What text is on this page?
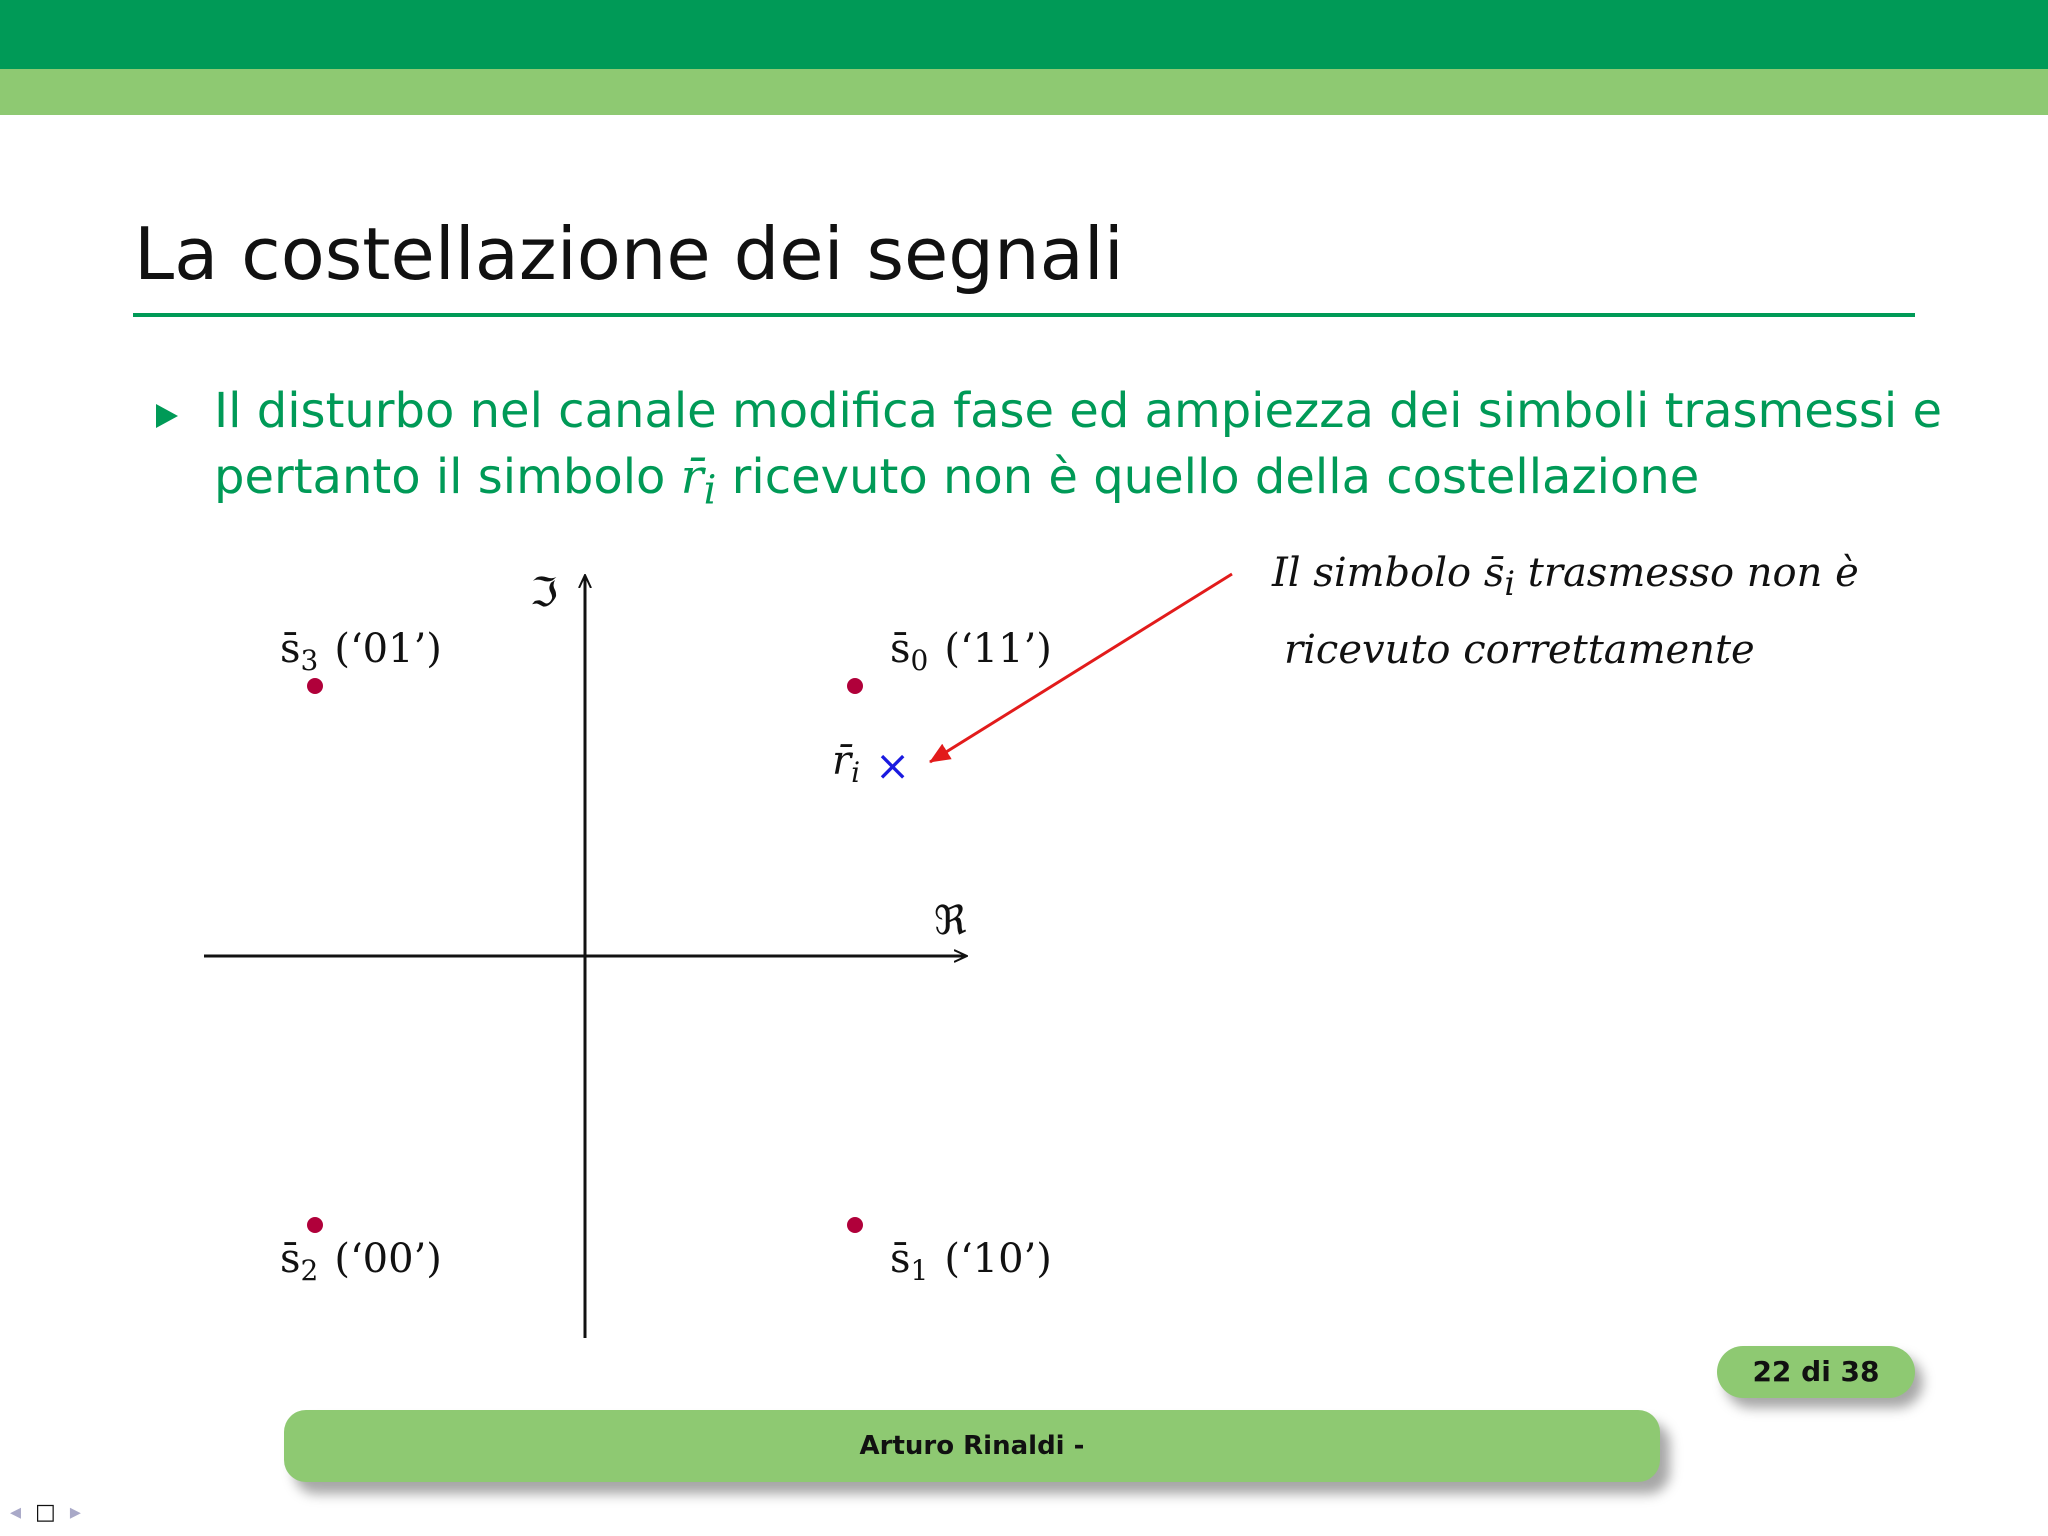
La costellazione dei segnali
Il disturbo nel canale modifica fase ed ampiezza dei simboli trasmessi e
pertanto il simbolo $r̄_i$ ricevuto non è quello della costellazione
ℜ
ℑ
$s̄_3$ (‘01’)	$s̄_0$ (‘11’)
$s̄_2$ (‘00’)	$s̄_1$ (‘10’)
$r̄_i$ ×
Il simbolo $s̄_i$ trasmesso non è
ricevuto correttamente
22 di 38
Arturo Rinaldi -
◂ □ ▸
